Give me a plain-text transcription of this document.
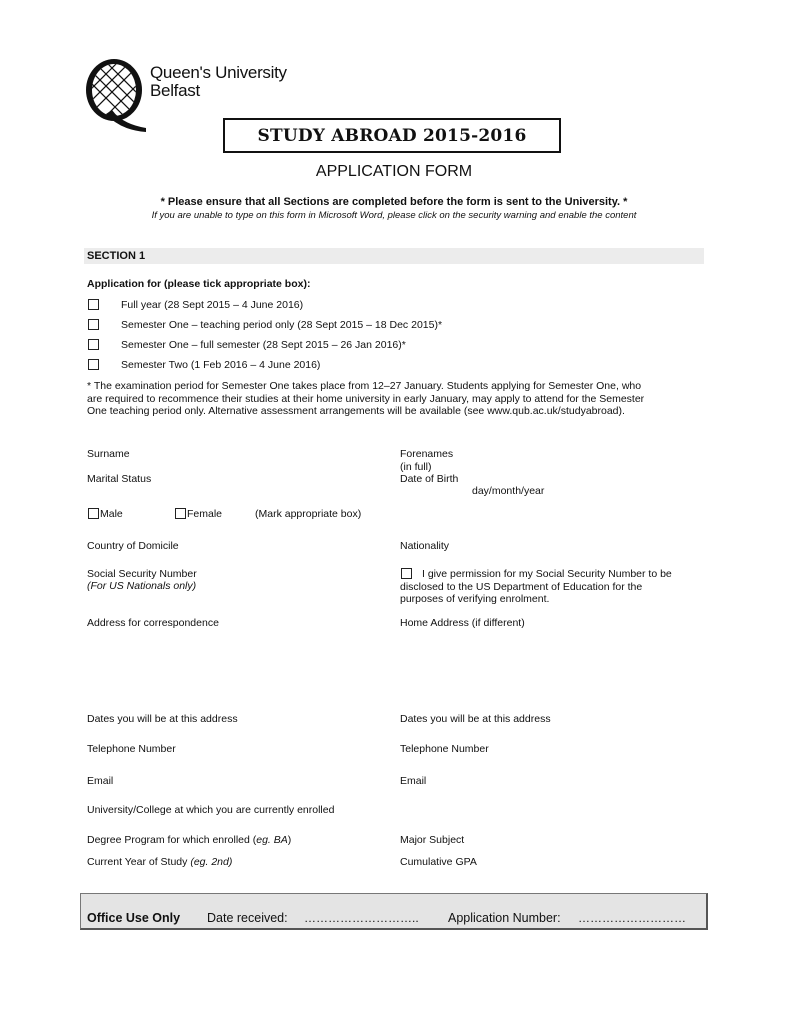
Queen's University
Belfast
STUDY ABROAD 2015-2016
APPLICATION FORM
* Please ensure that all Sections are completed before the form is sent to the University. *
If you are unable to type on this form in Microsoft Word, please click on the security warning and enable the content
SECTION 1
Application for (please tick appropriate box):
Full year (28 Sept 2015 – 4 June 2016)
Semester One – teaching period only (28 Sept 2015 – 18 Dec 2015)*
Semester One – full semester (28 Sept 2015 – 26 Jan 2016)*
Semester Two (1 Feb 2016 – 4 June 2016)
* The examination period for Semester One takes place from 12–27 January. Students applying for Semester One, who
are required to recommence their studies at their home university in early January, may apply to attend for the Semester
One teaching period only. Alternative assessment arrangements will be available (see www.qub.ac.uk/studyabroad).
Surname	Forenames
(in full)
Marital Status	Date of Birth
day/month/year
Male	Female	(Mark appropriate box)
Country of Domicile	Nationality
Social Security Number
(For US Nationals only)
I give permission for my Social Security Number to be
disclosed to the US Department of Education for the
purposes of verifying enrolment.
Address for correspondence	Home Address (if different)
Dates you will be at this address	Dates you will be at this address
Telephone Number	Telephone Number
Email	Email
University/College at which you are currently enrolled
Degree Program for which enrolled (eg. BA)	Major Subject
Current Year of Study (eg. 2nd)	Cumulative GPA
Office Use Only Date received: ……………………….. Application Number: ………………………
